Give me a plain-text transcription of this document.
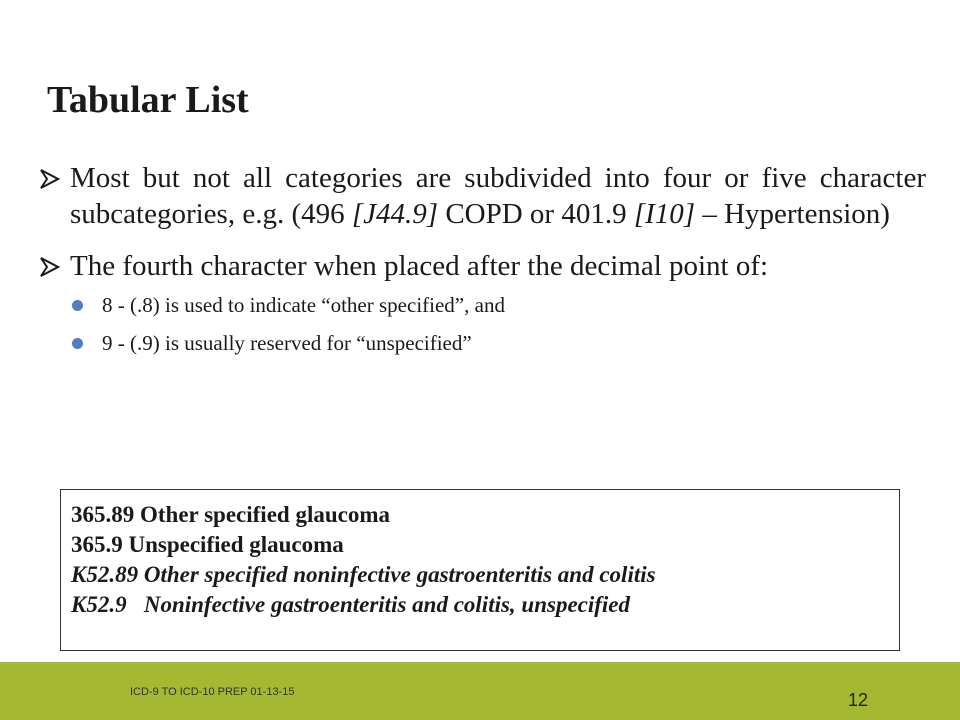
Tabular List
Most but not all categories are subdivided into four or five character subcategories, e.g. (496 [J44.9] COPD or 401.9 [I10] – Hypertension)
The fourth character when placed after the decimal point of:
8 - (.8) is used to indicate “other specified”, and
9 - (.9) is usually reserved for “unspecified”
365.89 Other specified glaucoma
365.9 Unspecified glaucoma
K52.89 Other specified noninfective gastroenteritis and colitis
K52.9   Noninfective gastroenteritis and colitis, unspecified
ICD-9 TO ICD-10 PREP 01-13-15	12
